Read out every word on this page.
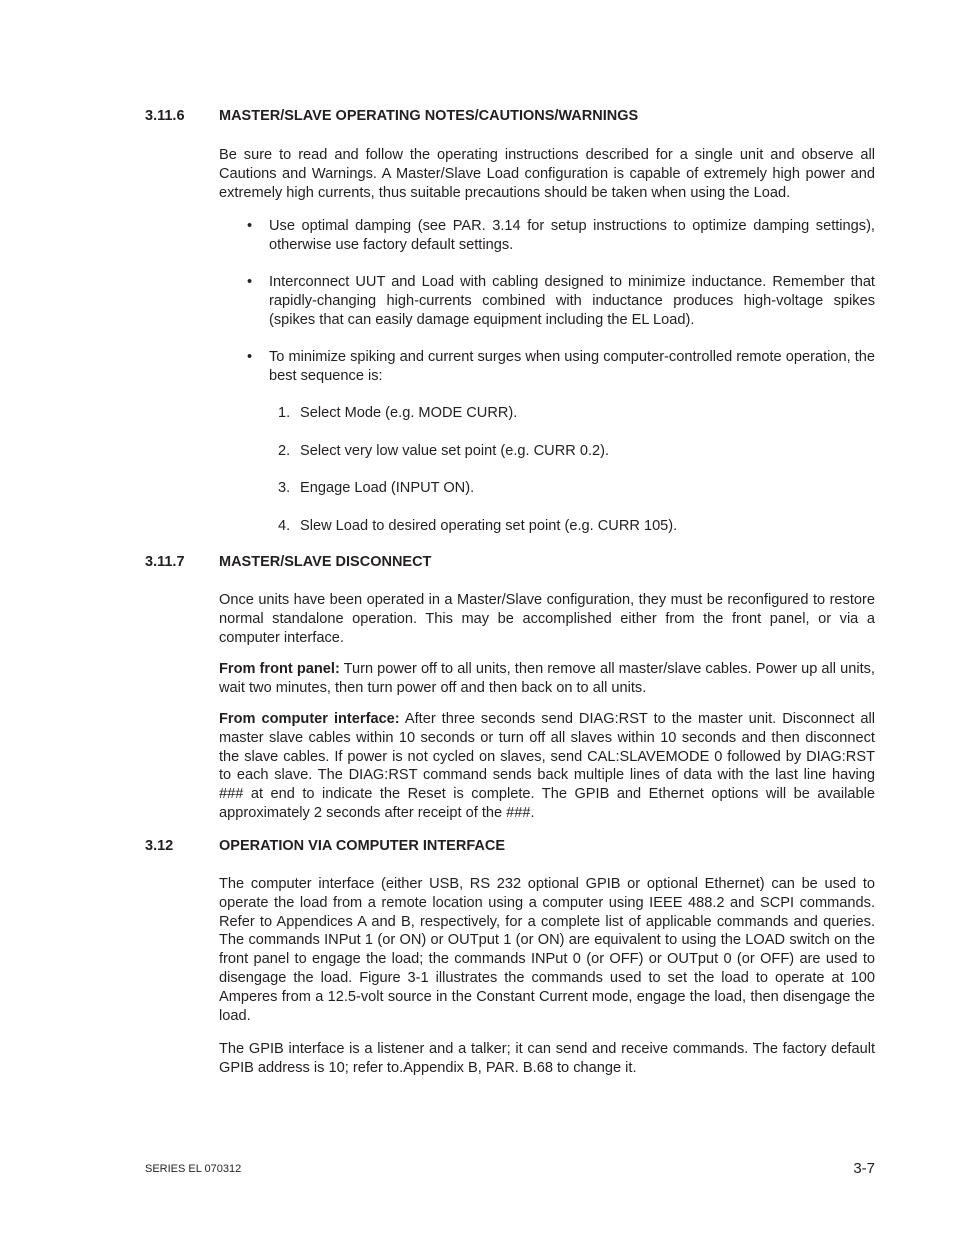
3.11.6 MASTER/SLAVE OPERATING NOTES/CAUTIONS/WARNINGS

Be sure to read and follow the operating instructions described for a single unit and observe all Cautions and Warnings. A Master/Slave Load configuration is capable of extremely high power and extremely high currents, thus suitable precautions should be taken when using the Load.

• Use optimal damping (see PAR. 3.14 for setup instructions to optimize damping settings), otherwise use factory default settings.
• Interconnect UUT and Load with cabling designed to minimize inductance. Remember that rapidly-changing high-currents combined with inductance produces high-voltage spikes (spikes that can easily damage equipment including the EL Load).
• To minimize spiking and current surges when using computer-controlled remote operation, the best sequence is:

1. Select Mode (e.g. MODE CURR).

2. Select very low value set point (e.g. CURR 0.2).

3. Engage Load (INPUT ON).

4. Slew Load to desired operating set point (e.g. CURR 105).

3.11.7 MASTER/SLAVE DISCONNECT

Once units have been operated in a Master/Slave configuration, they must be reconfigured to restore normal standalone operation. This may be accomplished either from the front panel, or via a computer interface.

From front panel: Turn power off to all units, then remove all master/slave cables. Power up all units, wait two minutes, then turn power off and then back on to all units.

From computer interface: After three seconds send DIAG:RST to the master unit. Disconnect all master slave cables within 10 seconds or turn off all slaves within 10 seconds and then disconnect the slave cables. If power is not cycled on slaves, send CAL:SLAVEMODE 0 followed by DIAG:RST to each slave. The DIAG:RST command sends back multiple lines of data with the last line having ### at end to indicate the Reset is complete. The GPIB and Ethernet options will be available approximately 2 seconds after receipt of the ###.

3.12	OPERATION VIA COMPUTER INTERFACE

The computer interface (either USB, RS 232 optional GPIB or optional Ethernet) can be used to operate the load from a remote location using a computer using IEEE 488.2 and SCPI commands. Refer to Appendices A and B, respectively, for a complete list of applicable commands and queries. The commands INPut 1 (or ON) or OUTput 1 (or ON) are equivalent to using the LOAD switch on the front panel to engage the load; the commands INPut 0 (or OFF) or OUTput 0 (or OFF) are used to disengage the load. Figure 3-1 illustrates the commands used to set the load to operate at 100 Amperes from a 12.5-volt source in the Constant Current mode, engage the load, then disengage the load.

The GPIB interface is a listener and a talker; it can send and receive commands. The factory default GPIB address is 10; refer to.Appendix B, PAR. B.68 to change it.

SERIES EL 070312	3-7
